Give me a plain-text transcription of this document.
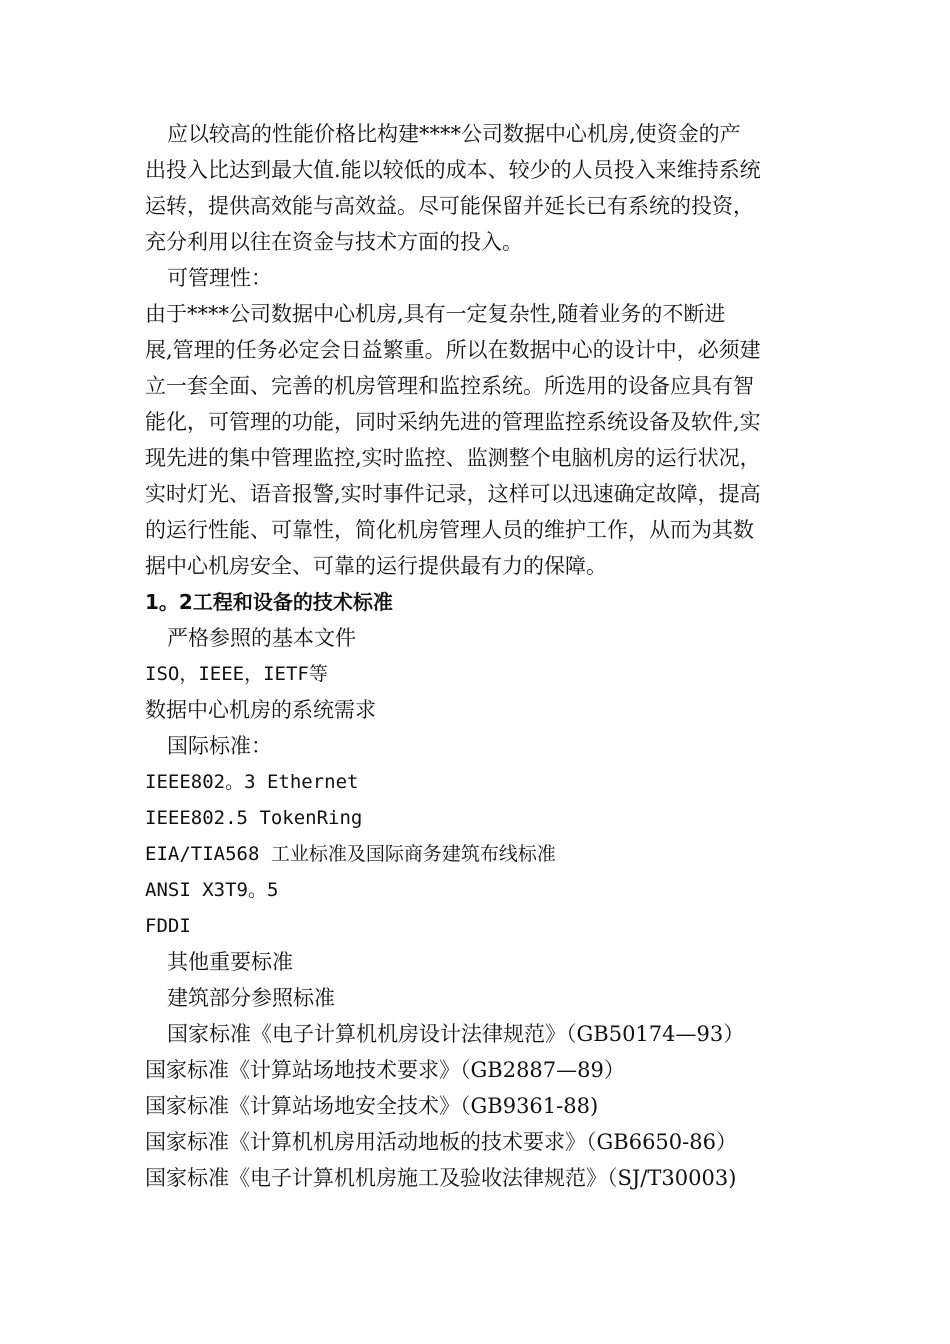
应以较高的性能价格比构建****公司数据中心机房,使资金的产
出投入比达到最大值.能以较低的成本、较少的人员投入来维持系统
运转，提供高效能与高效益。尽可能保留并延长已有系统的投资，
充分利用以往在资金与技术方面的投入。
可管理性：
由于****公司数据中心机房,具有一定复杂性,随着业务的不断进
展,管理的任务必定会日益繁重。所以在数据中心的设计中，必须建
立一套全面、完善的机房管理和监控系统。所选用的设备应具有智
能化，可管理的功能，同时采纳先进的管理监控系统设备及软件,实
现先进的集中管理监控,实时监控、监测整个电脑机房的运行状况，
实时灯光、语音报警,实时事件记录，这样可以迅速确定故障，提高
的运行性能、可靠性，简化机房管理人员的维护工作，从而为其数
据中心机房安全、可靠的运行提供最有力的保障。
1。2工程和设备的技术标准
严格参照的基本文件
ISO，IEEE，IETF等
数据中心机房的系统需求
国际标准：
IEEE802。3 Ethernet
IEEE802.5 TokenRing
EIA/TIA568 工业标准及国际商务建筑布线标准
ANSI X3T9。5
FDDI
其他重要标准
建筑部分参照标准
国家标准《电子计算机机房设计法律规范》（GB50174—93）
国家标准《计算站场地技术要求》（GB2887—89）
国家标准《计算站场地安全技术》（GB9361-88)
国家标准《计算机机房用活动地板的技术要求》（GB6650-86）
国家标准《电子计算机机房施工及验收法律规范》（SJ/T30003)
